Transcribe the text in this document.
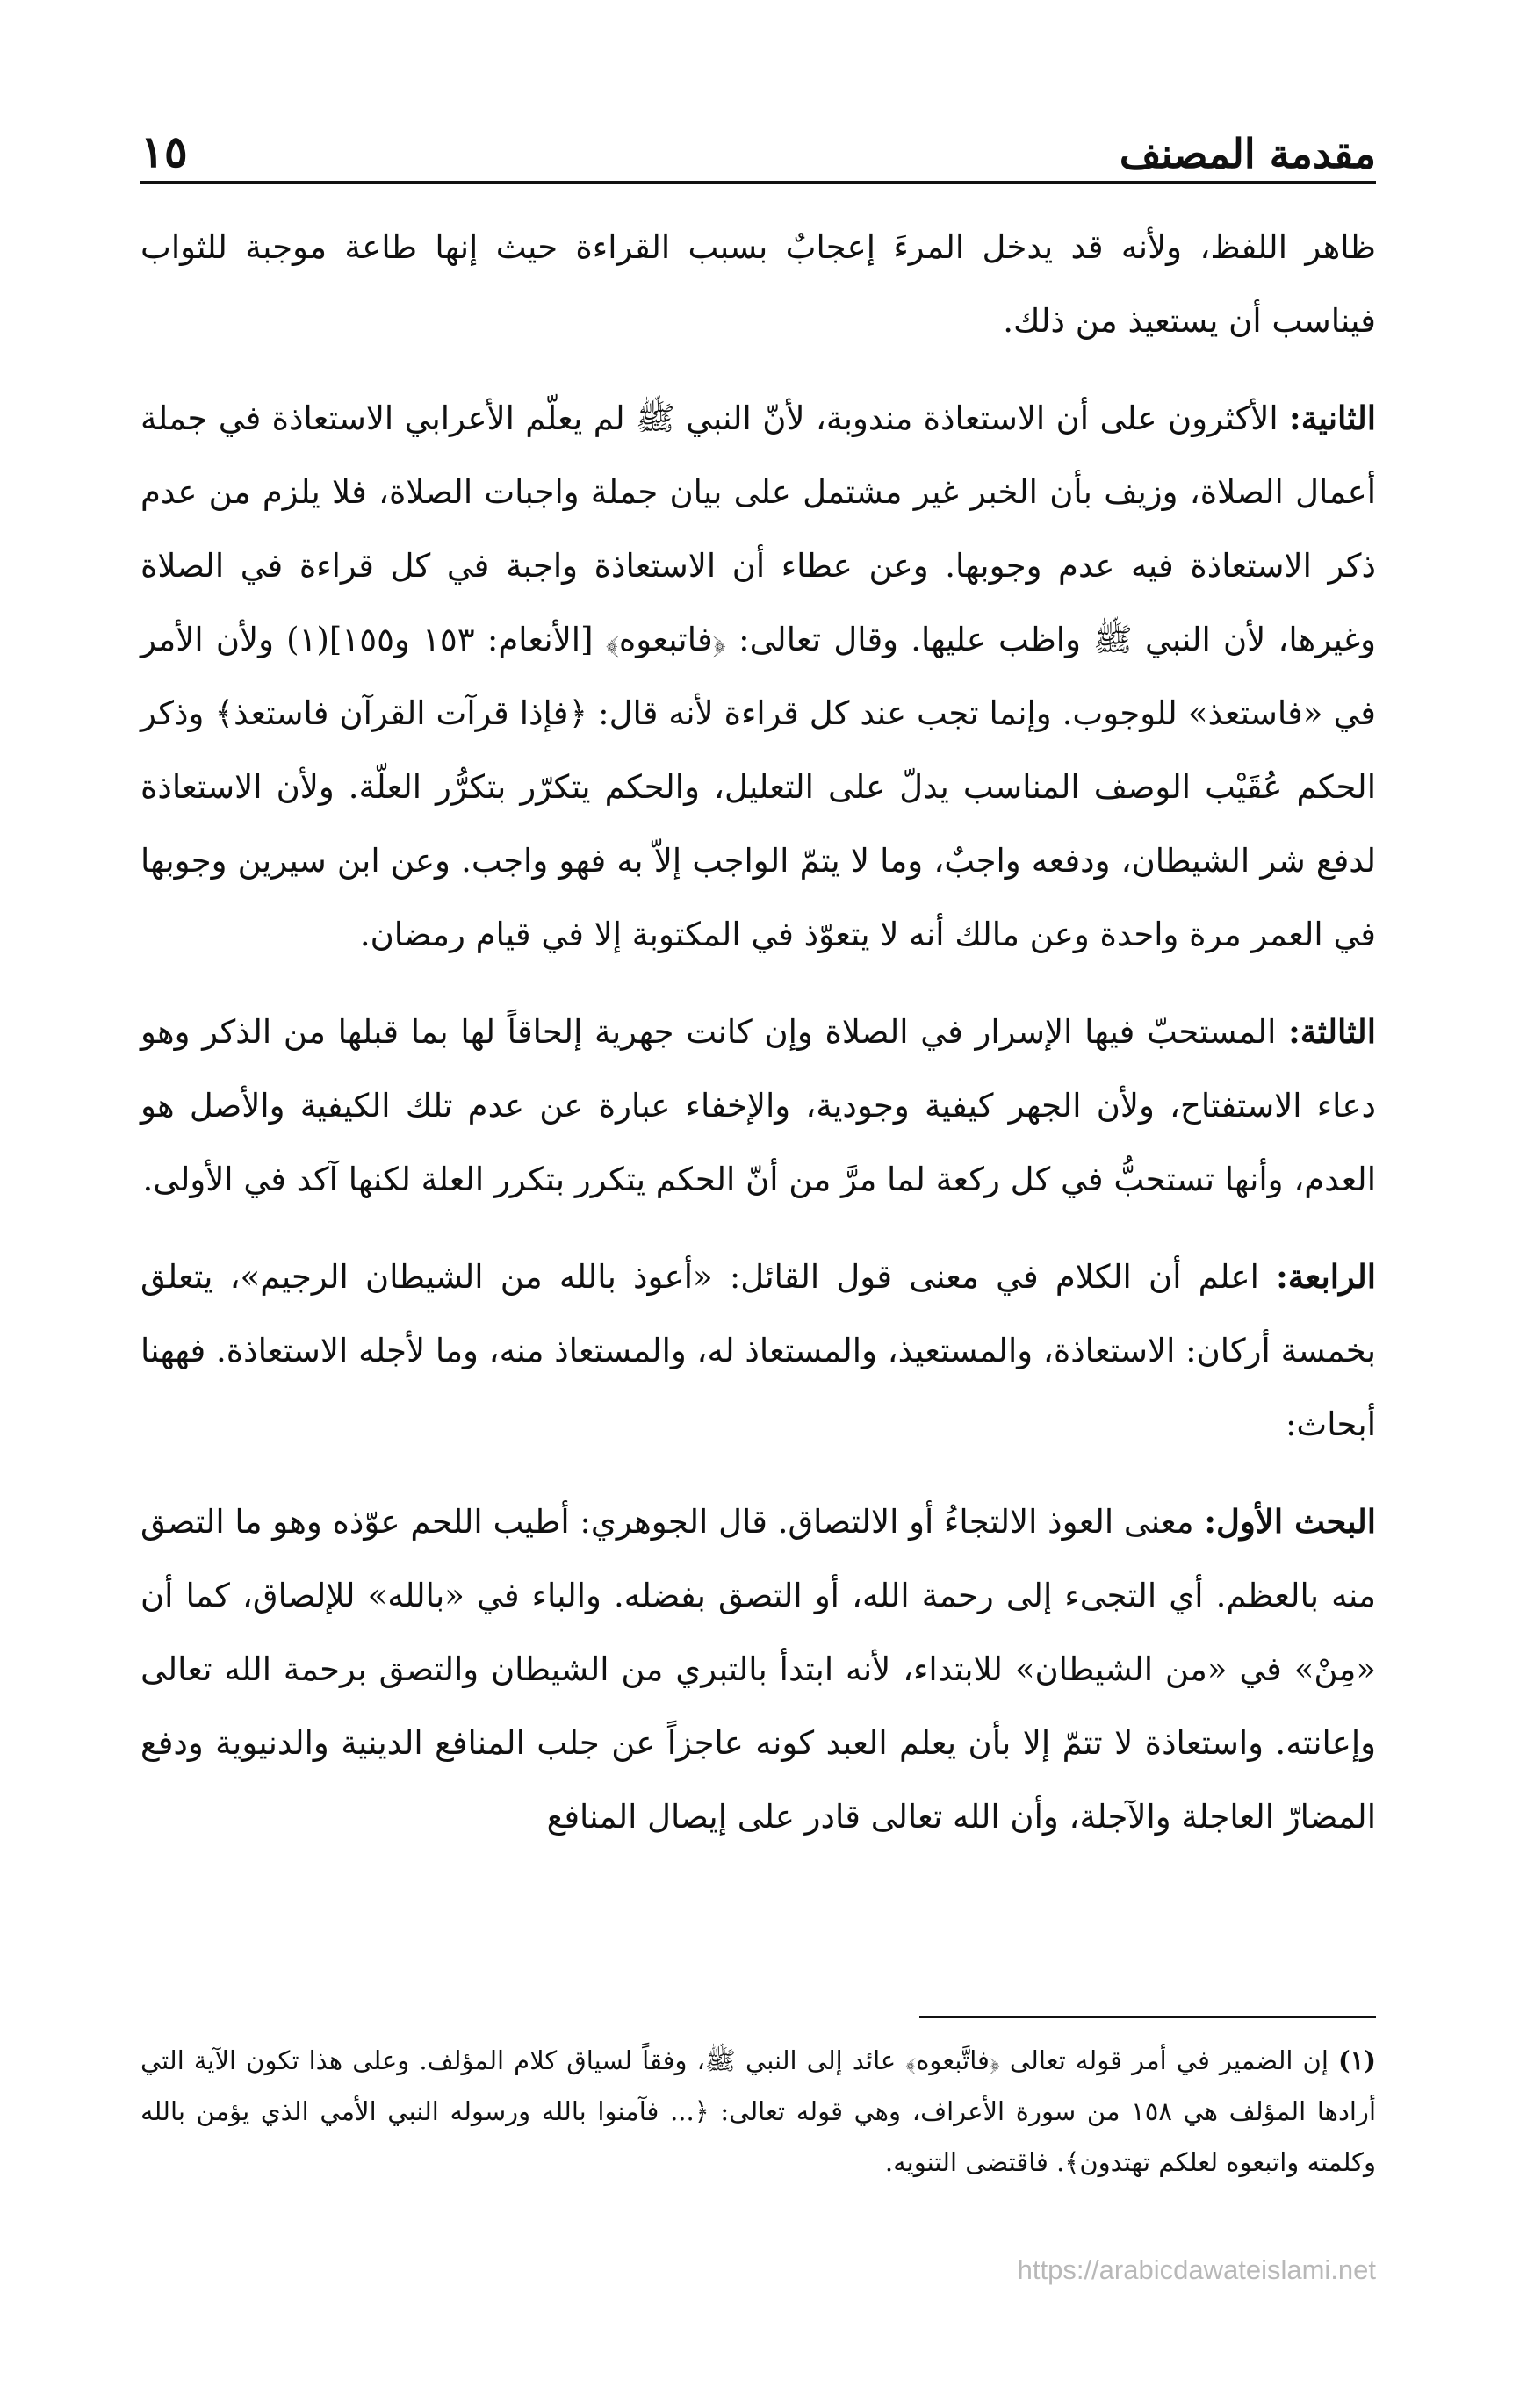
مقدمة المصنف
١٥

ظاهر اللفظ، ولأنه قد يدخل المرءَ إعجابٌ بسبب القراءة حيث إنها طاعة موجبة للثواب فيناسب أن يستعيذ من ذلك.

الثانية: الأكثرون على أن الاستعاذة مندوبة، لأنّ النبي ﷺ لم يعلّم الأعرابي الاستعاذة في جملة أعمال الصلاة، وزيف بأن الخبر غير مشتمل على بيان جملة واجبات الصلاة، فلا يلزم من عدم ذكر الاستعاذة فيه عدم وجوبها. وعن عطاء أن الاستعاذة واجبة في كل قراءة في الصلاة وغيرها، لأن النبي ﷺ واظب عليها. وقال تعالى: ﴿فاتبعوه﴾ [الأنعام: ١٥٣ و١٥٥](١) ولأن الأمر في «فاستعذ» للوجوب. وإنما تجب عند كل قراءة لأنه قال: ﴿فإذا قرآت القرآن فاستعذ﴾ وذكر الحكم عُقَيْب الوصف المناسب يدلّ على التعليل، والحكم يتكرّر بتكرُّر العلّة. ولأن الاستعاذة لدفع شر الشيطان، ودفعه واجبٌ، وما لا يتمّ الواجب إلاّ به فهو واجب. وعن ابن سيرين وجوبها في العمر مرة واحدة وعن مالك أنه لا يتعوّذ في المكتوبة إلا في قيام رمضان.

الثالثة: المستحبّ فيها الإسرار في الصلاة وإن كانت جهرية إلحاقاً لها بما قبلها من الذكر وهو دعاء الاستفتاح، ولأن الجهر كيفية وجودية، والإخفاء عبارة عن عدم تلك الكيفية والأصل هو العدم، وأنها تستحبُّ في كل ركعة لما مرَّ من أنّ الحكم يتكرر بتكرر العلة لكنها آكد في الأولى.

الرابعة: اعلم أن الكلام في معنى قول القائل: «أعوذ بالله من الشيطان الرجيم»، يتعلق بخمسة أركان: الاستعاذة، والمستعيذ، والمستعاذ له، والمستعاذ منه، وما لأجله الاستعاذة. فههنا أبحاث:

البحث الأول: معنى العوذ الالتجاءُ أو الالتصاق. قال الجوهري: أطيب اللحم عوّذه وهو ما التصق منه بالعظم. أي التجىء إلى رحمة الله، أو التصق بفضله. والباء في «بالله» للإلصاق، كما أن «مِنْ» في «من الشيطان» للابتداء، لأنه ابتدأ بالتبري من الشيطان والتصق برحمة الله تعالى وإعانته. واستعاذة لا تتمّ إلا بأن يعلم العبد كونه عاجزاً عن جلب المنافع الدينية والدنيوية ودفع المضارّ العاجلة والآجلة، وأن الله تعالى قادر على إيصال المنافع

(١) إن الضمير في أمر قوله تعالى ﴿فاتَّبعوه﴾ عائد إلى النبي ﷺ، وفقاً لسياق كلام المؤلف. وعلى هذا تكون الآية التي أرادها المؤلف هي ١٥٨ من سورة الأعراف، وهي قوله تعالى: ﴿... فآمنوا بالله ورسوله النبي الأمي الذي يؤمن بالله وكلمته واتبعوه لعلكم تهتدون﴾. فاقتضى التنويه.
https://arabicdawateislami.net
